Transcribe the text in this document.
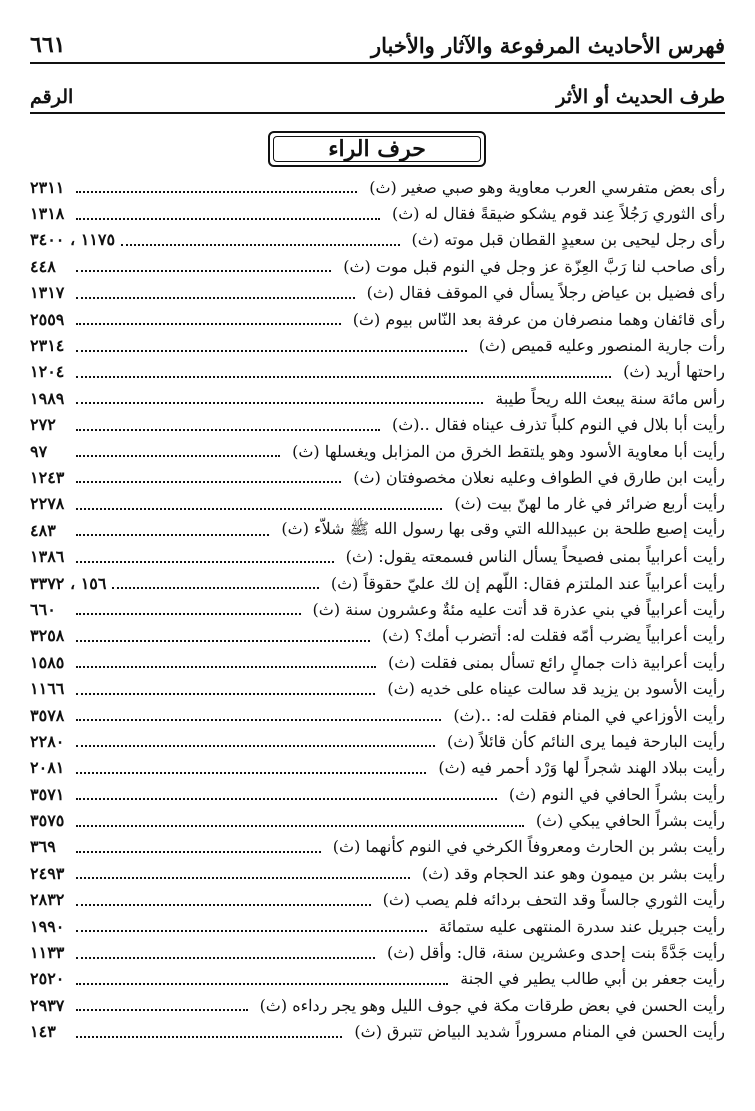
فهرس الأحاديث المرفوعة والآثار والأخبار
٦٦١
طرف الحديث أو الأثر
الرقم
حرف الراء
رأى بعض متفرسي العرب معاوية وهو صبي صغير (ث)
٢٣١١
رأى الثوري رَجُلاً عِند قوم يشكو ضيقةً فقال له (ث)
١٣١٨
رأى رجل ليحيى بن سعيدٍ القطان قبل موته (ث)
١١٧٥ ، ٣٤٠٠
رأى صاحب لنا رَبَّ العِزّة عز وجل في النوم قبل موت (ث)
٤٤٨
رأى فضيل بن عياض رجلاً يسأل في الموقف فقال (ث)
١٣١٧
رأى قائفان وهما منصرفان من عرفة بعد النّاس بيوم (ث)
٢٥٥٩
رأت جارية المنصور وعليه قميص (ث)
٢٣١٤
راحتها أريد (ث)
١٢٠٤
رأس مائة سنة يبعث الله ريحاً طيبة
١٩٨٩
رأيت أبا بلال في النوم كلباً تذرف عيناه فقال ..(ث)
٢٧٢
رأيت أبا معاوية الأسود وهو يلتقط الخرق من المزابل ويغسلها (ث)
٩٧
رأيت ابن طارق في الطواف وعليه نعلان مخصوفتان (ث)
١٢٤٣
رأيت أربع ضرائر في غار ما لهنّ بيت (ث)
٢٢٧٨
رأيت إصبع طلحة بن عبيدالله التي وقى بها رسول الله ﷺ شلاّء (ث)
٤٨٣
رأيت أعرابياً بمنى فصيحاً يسأل الناس فسمعته يقول: (ث)
١٣٨٦
رأيت أعرابياً عند الملتزم فقال: اللّهم إن لك عليّ حقوقاً (ث)
١٥٦ ، ٣٣٧٢
رأيت أعرابياً في بني عذرة قد أتت عليه مئةٌ وعشرون سنة (ث)
٦٦٠
رأيت أعرابياً يضرب أمّه فقلت له: أتضرب أمك؟ (ث)
٣٢٥٨
رأيت أعرابية ذات جمالٍ رائع تسأل بمنى فقلت (ث)
١٥٨٥
رأيت الأسود بن يزيد قد سالت عيناه على خديه (ث)
١١٦٦
رأيت الأوزاعي في المنام فقلت له: ..(ث)
٣٥٧٨
رأيت البارحة فيما يرى النائم كأن قائلاً (ث)
٢٢٨٠
رأيت ببلاد الهند شجراً لها وَرْد أحمر فيه (ث)
٢٠٨١
رأيت بشراً الحافي في النوم (ث)
٣٥٧١
رأيت بشراً الحافي يبكي (ث)
٣٥٧٥
رأيت بشر بن الحارث ومعروفاً الكرخي في النوم كأنهما (ث)
٣٦٩
رأيت بشر بن ميمون وهو عند الحجام وقد (ث)
٢٤٩٣
رأيت الثوري جالساً وقد التحف بردائه فلم يصب (ث)
٢٨٣٢
رأيت جبريل عند سدرة المنتهى عليه ستمائة
١٩٩٠
رأيت جَدَّةً بنت إحدى وعشرين سنة، قال: وأقل (ث)
١١٣٣
رأيت جعفر بن أبي طالب يطير في الجنة
٢٥٢٠
رأيت الحسن في بعض طرقات مكة في جوف الليل وهو يجر رداءه (ث)
٢٩٣٧
رأيت الحسن في المنام مسروراً شديد البياض تتبرق (ث)
١٤٣
